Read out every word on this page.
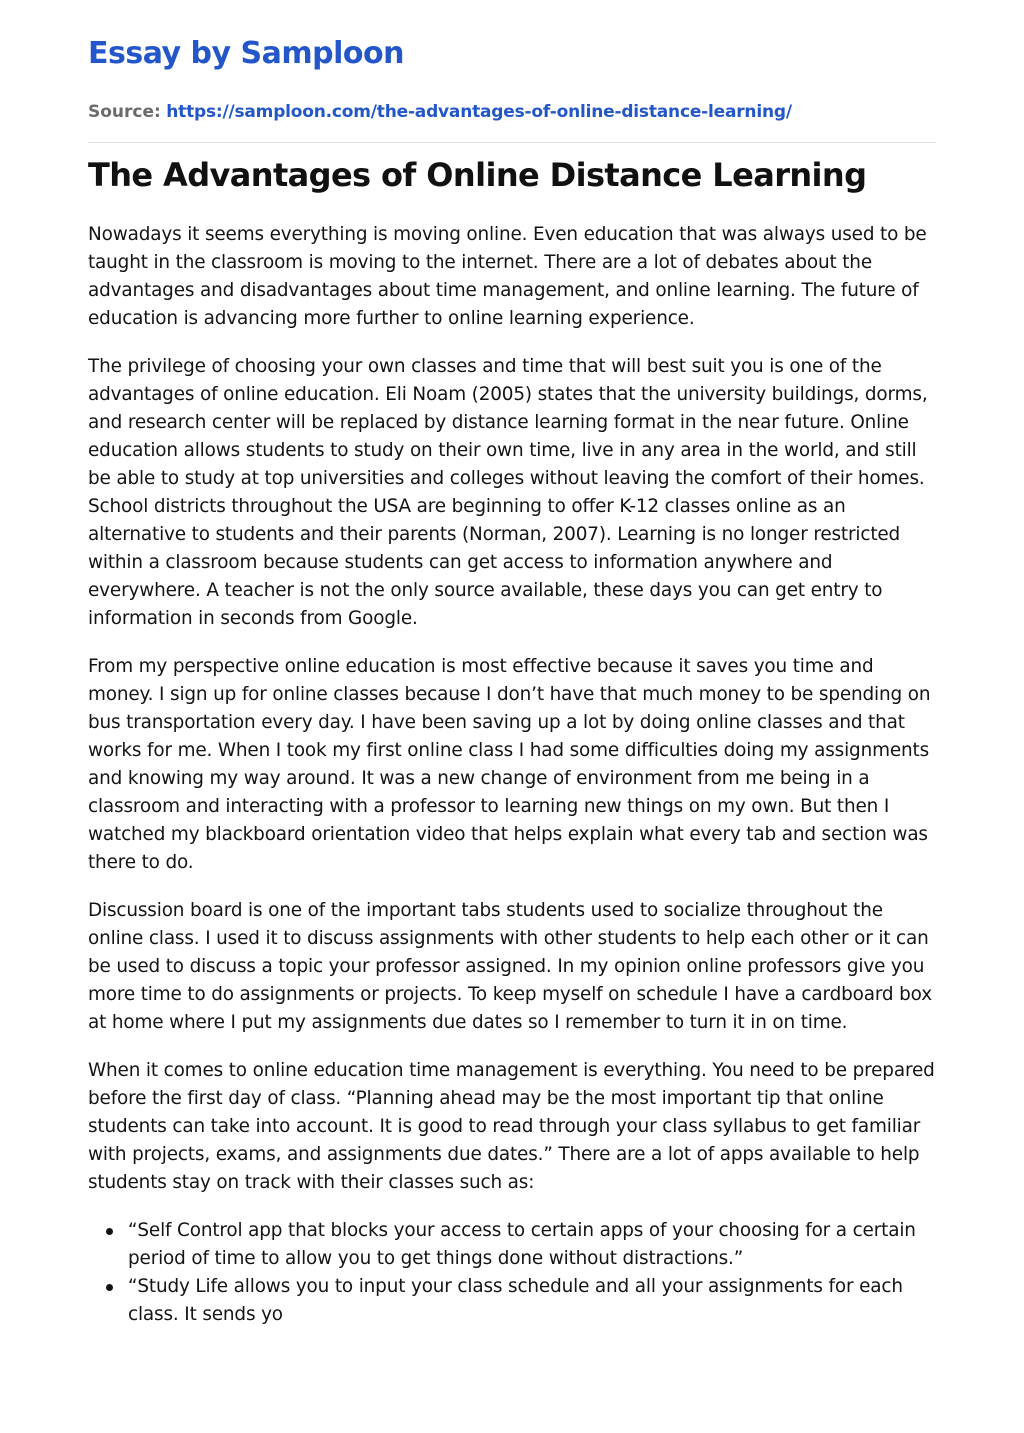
Essay by Samploon
Source: https://samploon.com/the-advantages-of-online-distance-learning/
The Advantages of Online Distance Learning

Nowadays it seems everything is moving online. Even education that was always used to be taught in the classroom is moving to the internet. There are a lot of debates about the advantages and disadvantages about time management, and online learning. The future of education is advancing more further to online learning experience.

The privilege of choosing your own classes and time that will best suit you is one of the advantages of online education. Eli Noam (2005) states that the university buildings, dorms, and research center will be replaced by distance learning format in the near future. Online education allows students to study on their own time, live in any area in the world, and still be able to study at top universities and colleges without leaving the comfort of their homes. School districts throughout the USA are beginning to offer K-12 classes online as an alternative to students and their parents (Norman, 2007). Learning is no longer restricted within a classroom because students can get access to information anywhere and everywhere. A teacher is not the only source available, these days you can get entry to information in seconds from Google.

From my perspective online education is most effective because it saves you time and money. I sign up for online classes because I don’t have that much money to be spending on bus transportation every day. I have been saving up a lot by doing online classes and that works for me. When I took my first online class I had some difficulties doing my assignments and knowing my way around. It was a new change of environment from me being in a classroom and interacting with a professor to learning new things on my own. But then I watched my blackboard orientation video that helps explain what every tab and section was there to do.

Discussion board is one of the important tabs students used to socialize throughout the online class. I used it to discuss assignments with other students to help each other or it can be used to discuss a topic your professor assigned. In my opinion online professors give you more time to do assignments or projects. To keep myself on schedule I have a cardboard box at home where I put my assignments due dates so I remember to turn it in on time.

When it comes to online education time management is everything. You need to be prepared before the first day of class. “Planning ahead may be the most important tip that online students can take into account. It is good to read through your class syllabus to get familiar with projects, exams, and assignments due dates.” There are a lot of apps available to help students stay on track with their classes such as:

“Self Control app that blocks your access to certain apps of your choosing for a certain period of time to allow you to get things done without distractions.”
“Study Life allows you to input your class schedule and all your assignments for each class. It sends yo
